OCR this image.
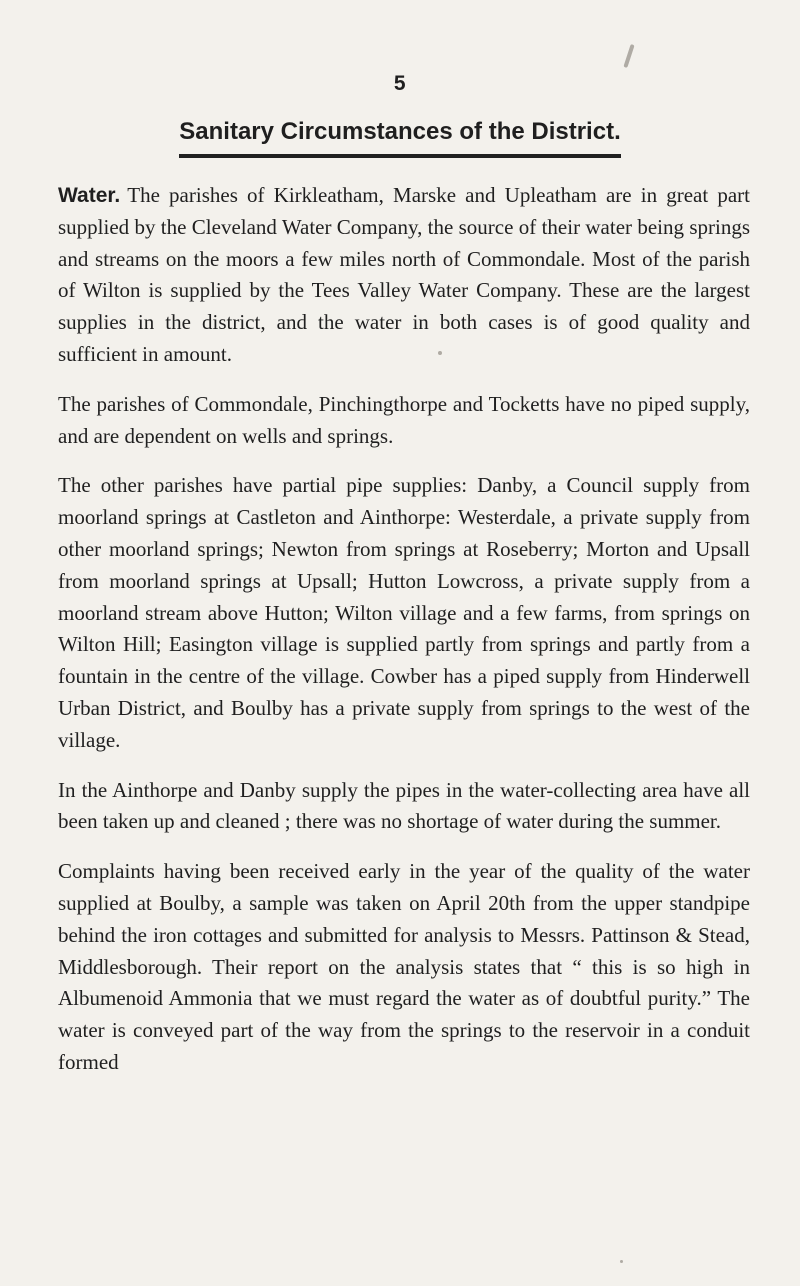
5
Sanitary Circumstances of the District.

Water. The parishes of Kirkleatham, Marske and Upleatham are in great part supplied by the Cleveland Water Company, the source of their water being springs and streams on the moors a few miles north of Commondale. Most of the parish of Wilton is supplied by the Tees Valley Water Company. These are the largest supplies in the district, and the water in both cases is of good quality and sufficient in amount.

The parishes of Commondale, Pinchingthorpe and Tocketts have no piped supply, and are dependent on wells and springs.

The other parishes have partial pipe supplies: Danby, a Council supply from moorland springs at Castleton and Ainthorpe: Westerdale, a private supply from other moorland springs; Newton from springs at Roseberry; Morton and Upsall from moorland springs at Upsall; Hutton Lowcross, a private supply from a moorland stream above Hutton; Wilton village and a few farms, from springs on Wilton Hill; Easington village is supplied partly from springs and partly from a fountain in the centre of the village. Cowber has a piped supply from Hinderwell Urban District, and Boulby has a private supply from springs to the west of the village.

In the Ainthorpe and Danby supply the pipes in the water-collecting area have all been taken up and cleaned ; there was no shortage of water during the summer.

Complaints having been received early in the year of the quality of the water supplied at Boulby, a sample was taken on April 20th from the upper standpipe behind the iron cottages and submitted for analysis to Messrs. Pattinson & Stead, Middlesborough. Their report on the analysis states that “ this is so high in Albumenoid Ammonia that we must regard the water as of doubtful purity.” The water is conveyed part of the way from the springs to the reservoir in a conduit formed
